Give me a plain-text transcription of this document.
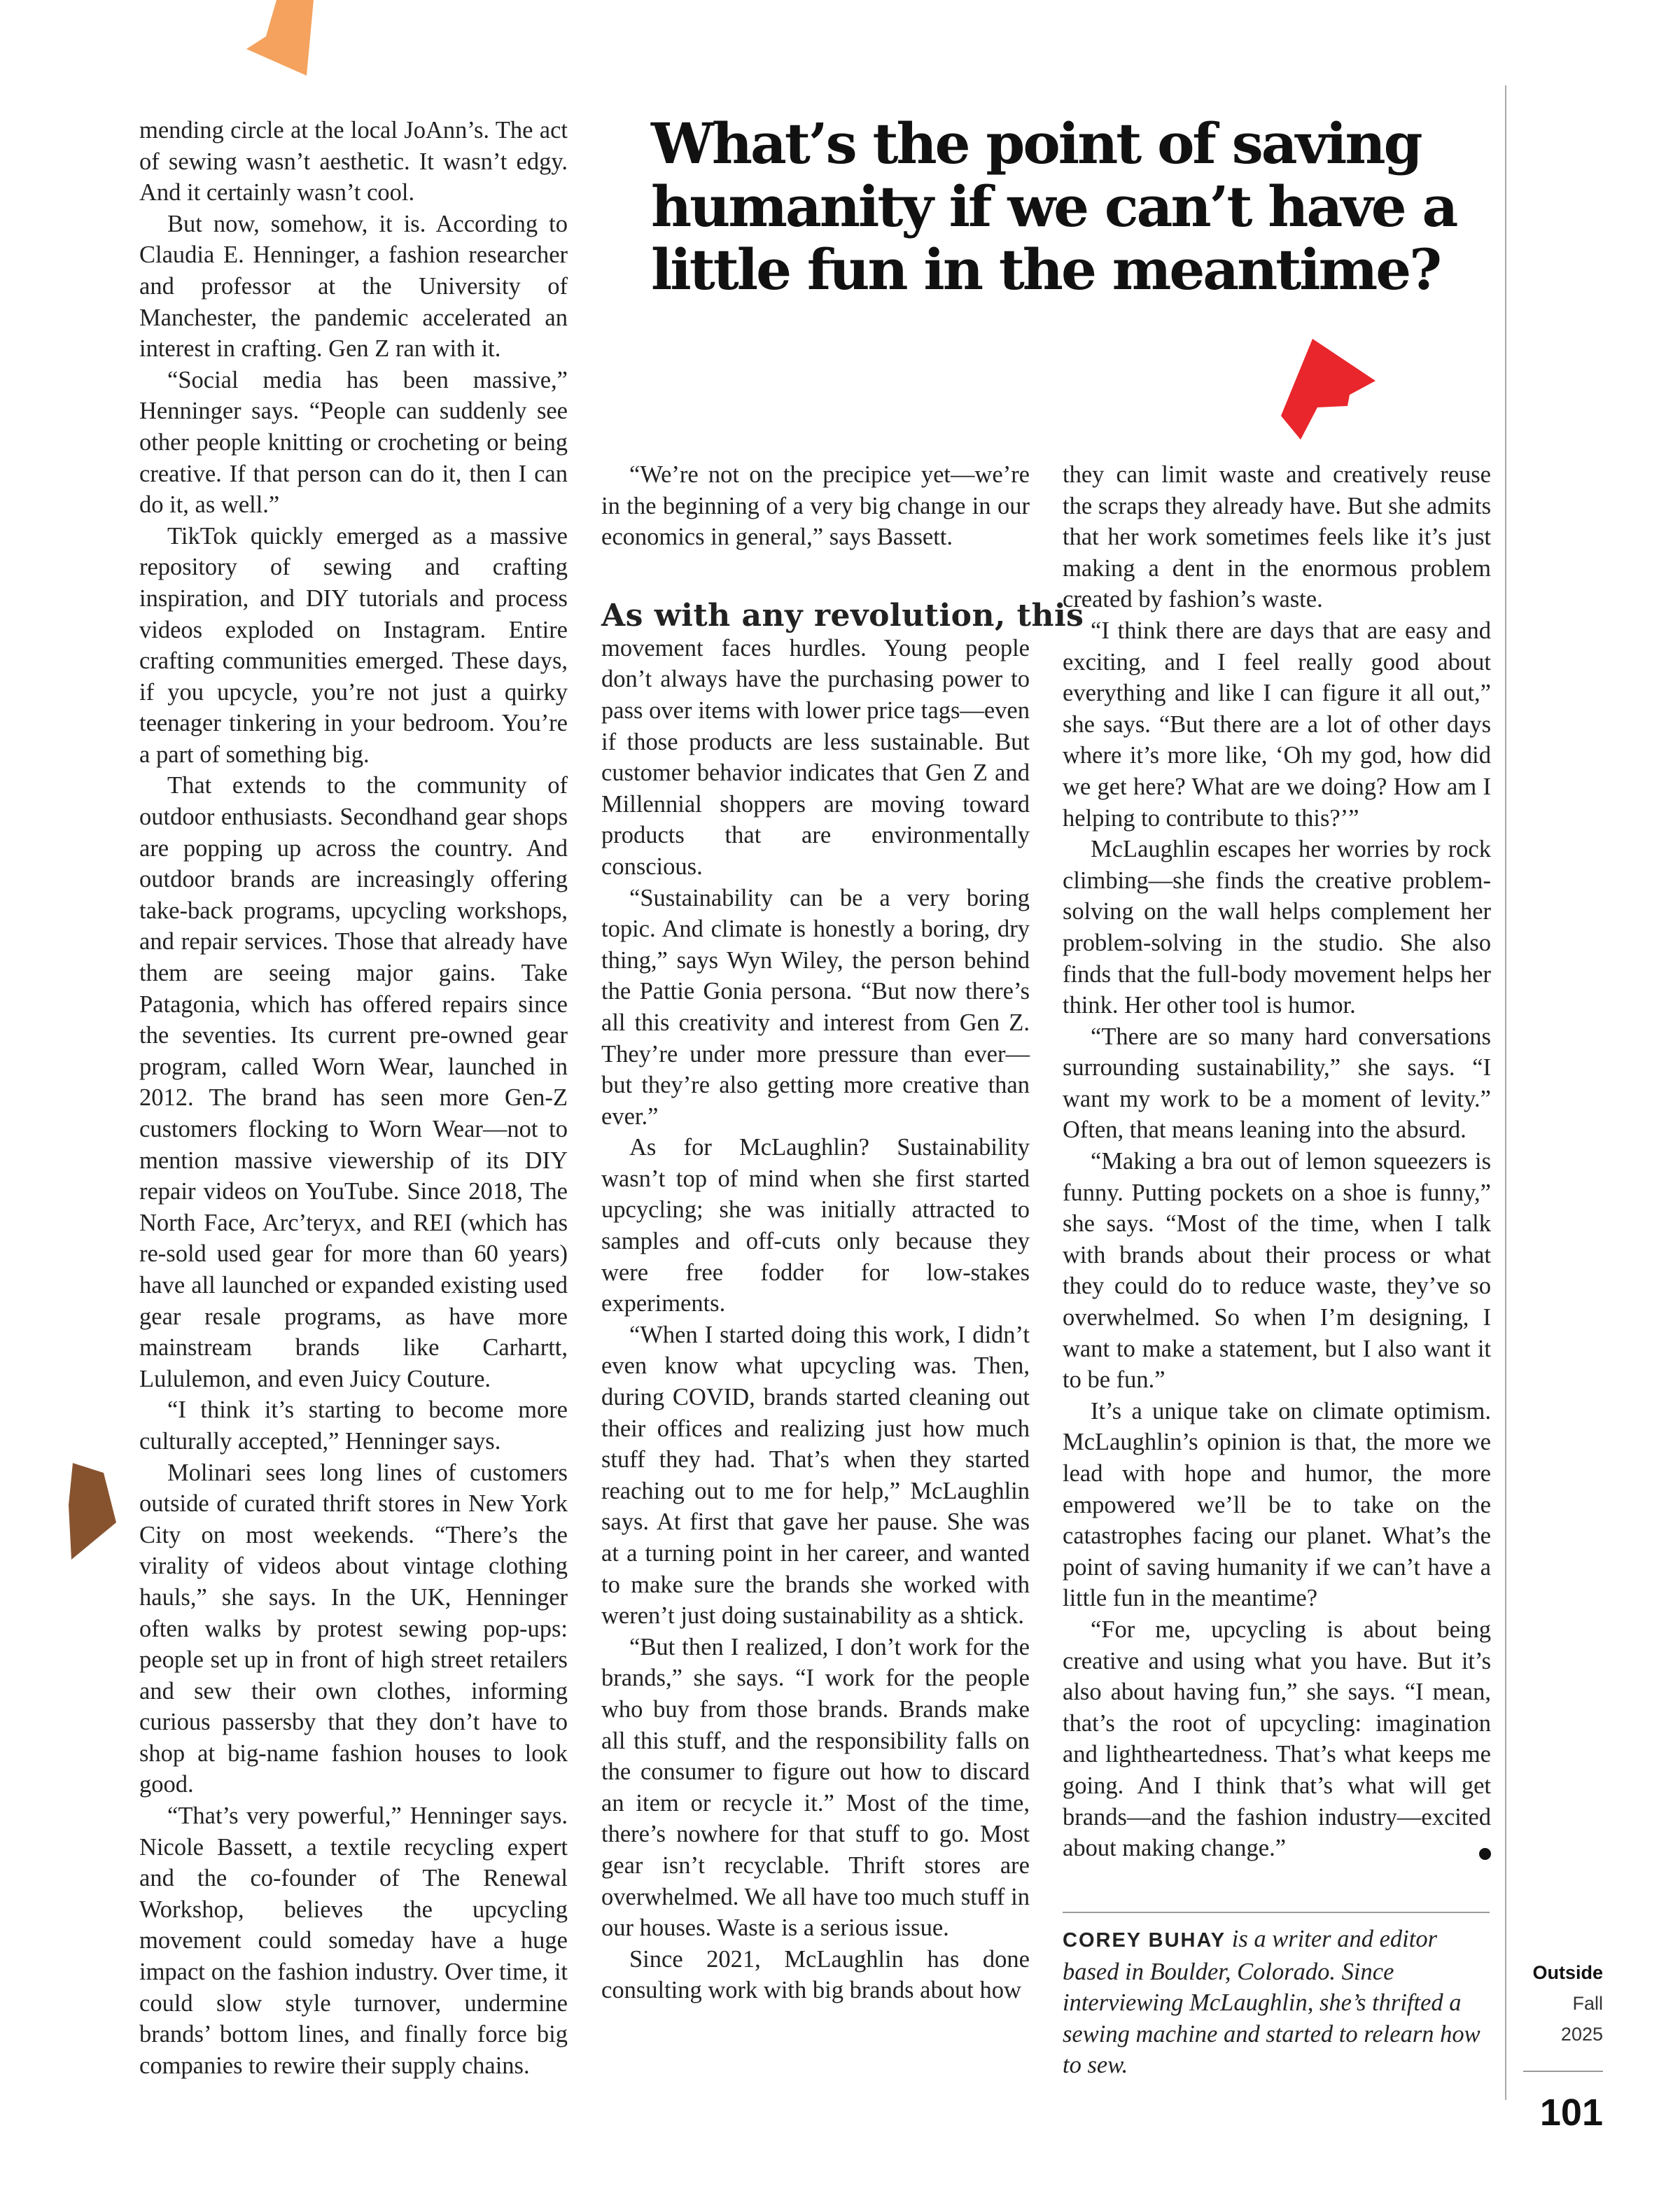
mending circle at the local JoAnn’s. The act of sewing wasn’t aesthetic. It wasn’t edgy. And it certainly wasn’t cool.

But now, somehow, it is. According to Claudia E. Henninger, a fashion researcher and professor at the University of Manchester, the pandemic accelerated an interest in crafting. Gen Z ran with it.

“Social media has been massive,” Henninger says. “People can suddenly see other people knitting or crocheting or being creative. If that person can do it, then I can do it, as well.”

TikTok quickly emerged as a massive repository of sewing and crafting inspiration, and DIY tutorials and process videos exploded on Instagram. Entire crafting communities emerged. These days, if you upcycle, you’re not just a quirky teenager tinkering in your bedroom. You’re a part of something big.

That extends to the community of outdoor enthusiasts. Secondhand gear shops are popping up across the country. And outdoor brands are increasingly offering take-back programs, upcycling workshops, and repair services. Those that already have them are seeing major gains. Take Patagonia, which has offered repairs since the seventies. Its current pre-owned gear program, called Worn Wear, launched in 2012. The brand has seen more Gen-Z customers flocking to Worn Wear—not to mention massive viewership of its DIY repair videos on YouTube. Since 2018, The North Face, Arc’teryx, and REI (which has re-sold used gear for more than 60 years) have all launched or expanded existing used gear resale programs, as have more mainstream brands like Carhartt, Lululemon, and even Juicy Couture.

“I think it’s starting to become more culturally accepted,” Henninger says.

Molinari sees long lines of customers outside of curated thrift stores in New York City on most weekends. “There’s the virality of videos about vintage clothing hauls,” she says. In the UK, Henninger often walks by protest sewing pop-ups: people set up in front of high street retailers and sew their own clothes, informing curious passersby that they don’t have to shop at big-name fashion houses to look good.

“That’s very powerful,” Henninger says. Nicole Bassett, a textile recycling expert and the co-founder of The Renewal Workshop, believes the upcycling movement could someday have a huge impact on the fashion industry. Over time, it could slow style turnover, undermine brands’ bottom lines, and finally force big companies to rewire their supply chains.

What’s the point of saving humanity if we can’t have a little fun in the meantime?

“We’re not on the precipice yet—we’re in the beginning of a very big change in our economics in general,” says Bassett.

As with any revolution, this

movement faces hurdles. Young people don’t always have the purchasing power to pass over items with lower price tags—even if those products are less sustainable. But customer behavior indicates that Gen Z and Millennial shoppers are moving toward products that are environmentally conscious.

“Sustainability can be a very boring topic. And climate is honestly a boring, dry thing,” says Wyn Wiley, the person behind the Pattie Gonia persona. “But now there’s all this creativity and interest from Gen Z. They’re under more pressure than ever—but they’re also getting more creative than ever.”

As for McLaughlin? Sustainability wasn’t top of mind when she first started upcycling; she was initially attracted to samples and off-cuts only because they were free fodder for low-stakes experiments.

“When I started doing this work, I didn’t even know what upcycling was. Then, during COVID, brands started cleaning out their offices and realizing just how much stuff they had. That’s when they started reaching out to me for help,” McLaughlin says. At first that gave her pause. She was at a turning point in her career, and wanted to make sure the brands she worked with weren’t just doing sustainability as a shtick.

“But then I realized, I don’t work for the brands,” she says. “I work for the people who buy from those brands. Brands make all this stuff, and the responsibility falls on the consumer to figure out how to discard an item or recycle it.” Most of the time, there’s nowhere for that stuff to go. Most gear isn’t recyclable. Thrift stores are overwhelmed. We all have too much stuff in our houses. Waste is a serious issue.

Since 2021, McLaughlin has done consulting work with big brands about how

they can limit waste and creatively reuse the scraps they already have. But she admits that her work sometimes feels like it’s just making a dent in the enormous problem created by fashion’s waste.

“I think there are days that are easy and exciting, and I feel really good about everything and like I can figure it all out,” she says. “But there are a lot of other days where it’s more like, ‘Oh my god, how did we get here? What are we doing? How am I helping to contribute to this?’”

McLaughlin escapes her worries by rock climbing—she finds the creative problem-solving on the wall helps complement her problem-solving in the studio. She also finds that the full-body movement helps her think. Her other tool is humor.

“There are so many hard conversations surrounding sustainability,” she says. “I want my work to be a moment of levity.” Often, that means leaning into the absurd.

“Making a bra out of lemon squeezers is funny. Putting pockets on a shoe is funny,” she says. “Most of the time, when I talk with brands about their process or what they could do to reduce waste, they’ve so overwhelmed. So when I’m designing, I want to make a statement, but I also want it to be fun.”

It’s a unique take on climate optimism. McLaughlin’s opinion is that, the more we lead with hope and humor, the more empowered we’ll be to take on the catastrophes facing our planet. What’s the point of saving humanity if we can’t have a little fun in the meantime?

“For me, upcycling is about being creative and using what you have. But it’s also about having fun,” she says. “I mean, that’s the root of upcycling: imagination and lightheartedness. That’s what keeps me going. And I think that’s what will get brands—and the fashion industry—excited about making change.”

COREY BUHAY is a writer and editor based in Boulder, Colorado. Since interviewing McLaughlin, she’s thrifted a sewing machine and started to relearn how to sew.

Outside
Fall
2025
101
